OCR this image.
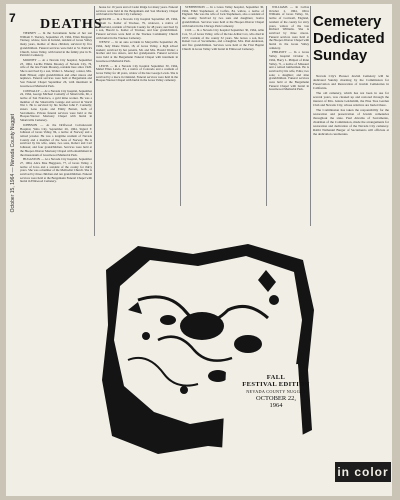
7
October 15, 1964 — Nevada County Nugget
DEATHS

TIERNEY — In the Sacramento home of her son William T. Tierney, September 23, 1964, Ellen Margaret Tierney, widow, born in Ireland, resident of Grass Valley many years, mother of three children; survived by five grandchildren. Funeral services were held at St. Patrick's Church, Grass Valley, with burial in the family plot in St. Patrick's Cemetery.

MOONEY — At a Nevada City hospital, September 23, 1964, Lucille Emma Mooney of Nevada City, 76, wife of the late Frank Mooney, resident here since 1920. She is survived by a son, Walter L. Mooney; a sister, Mrs. Ruth Ellison; eight grandchildren and other nieces and nephews. Funeral services were held at Bergemann and Son Funeral Chapel September 26, with interment in Greenwood Memorial Park.

CONNALLY — At a Nevada City hospital, September 24, 1964, George Michael Connally of Smartsville, 66, a native of San Francisco, a gold mine worker. He was a member of the Smartsville Grange and served in World War I. He is survived by his brother John F. Connally; sisters Lena Lyons and Emily Barrett, both of Sacramento. Private funeral services were held at the Hooper-Weaver Mortuary Chapel with burial in Smartsville Cemetery.

JOHNSON — At the Driftwood Convalescent Hospital, Yuba City, September 26, 1964, Sigurd F. Johnson of Grass Valley, 84, a native of Norway and a retired jeweler. He was a longtime resident of Nevada County and a member of the Sons of Norway. He is survived by his wife, Anna; two sons, Robert and Carl Johnson; and four grandchildren. Services were held at the Hooper-Weaver Mortuary Chapel with entombment in the mausoleum of Greenwood Memorial Park.

HUGGSTON — At a Nevada City hospital, September 27, 1964, Alice Mae Huggston, 77, of Grass Valley, a native of Iowa and a resident of the county for thirty years. She was a member of the Methodist Church. She is survived by three children and ten grandchildren. Funeral services were held at the Bergemann Funeral Chapel with burial in Elmwood Cemetery.

house for 16 years and of Cedar Ridge for many years. Funeral services were held in the Bergemann and Son Mortuary Chapel with burial in Nevada City Cemetery.

KOLLER — In a Nevada City hospital September 28, 1964, William G. Koller of Truckee, 79, widower, a native of Switzerland, resident of Nevada County for 48 years; survived by a son, Harold G. Koller of Truckee, and four grandchildren. Funeral services were held at the Truckee Community Church with burial in the Truckee Cemetery.

WENTZ — In an auto accident in Marysville September 29, 1964, Judy Diane Wentz, 18, of Grass Valley, a high school student; survived by her parents, Mr. and Mrs. Harold Wentz; a brother and two sisters, and her grandparents. Funeral services were held at the Bergemann Funeral Chapel with interment in Greenwood Memorial Park.

LEWIS — In a Nevada City hospital September 30, 1964, Mabel Ellen Lewis, 83, a native of Colorado and a resident of Grass Valley for 40 years, widow of the late George Lewis. She is survived by a niece in Oakland. Funeral services were held in the Hooper-Weaver Chapel with burial in the Grass Valley cemetery.

STEPHENSON — In a Grass Valley hospital, September 30, 1964, Ethel Stephenson of Colfax, 84, widow, a native of England. She was the wife of Jack Stephenson, also a resident of the county. Survived by two sons and daughters; twelve grandchildren. Services were held at the Hooper-Weaver Chapel with burial in the Chicago Park Cemetery.

COX — In a Nevada City hospital September 30, 1964, Allie Cox, 72, of Grass Valley, wife of the late Arthur Cox, who died in 1957, resident of the county 32 years. She leaves a son, Rev. Robert Cox of Sacramento, and a daughter, Mrs. Paul Anderson, and five grandchildren. Services were held at the First Baptist Church in Grass Valley with burial in Elmwood Cemetery.

WILLIAMS — In Colfax October 2, 1964, Olive Williams of Grass Valley, 91, native of Cornwall, England, resident of the county for sixty years, widow of the late Richard Williams. She is survived by three nieces. Funeral services were held at the Hooper-Weaver Chapel with burial in the Grass Valley cemetery.

PHILPOTT — In a Grass Valley hospital October 5, 1964, Harry L. Philpott of Penn Valley, 71, a native of Missouri and a retired lumberman. He is survived by his wife, Edna; two sons; a daughter; and nine grandchildren. Funeral services were held at the Bergemann Funeral Chapel with burial in Greenwood Memorial Park.

Cemetery Dedicated Sunday

Nevada City's Pioneer Jewish Cemetery will be dedicated Sunday morning by the Commission for Preservation and Restoration of Jewish Cemeteries in California.

The old cemetery, which has not been in use for several years, was cleaned up and restored through the interest of Mrs. Jennie Goldsmith, the Pine Tree Garden Club and Nevada City, whose relatives are buried there.

The Commission has taken the responsibility for the restoration and preservation of Jewish cemeteries throughout the state. Paul Abrams of Sacramento, chairman of the Commission, made the arrangements for restoration and dedication of the Nevada City cemetery. Rabbi Nathaniel Burger of Sacramento will officiate at the dedication ceremonies.

FALL
FESTIVAL EDITION
NEVADA COUNTY NUGGET
OCTOBER 22,
1964
in color
